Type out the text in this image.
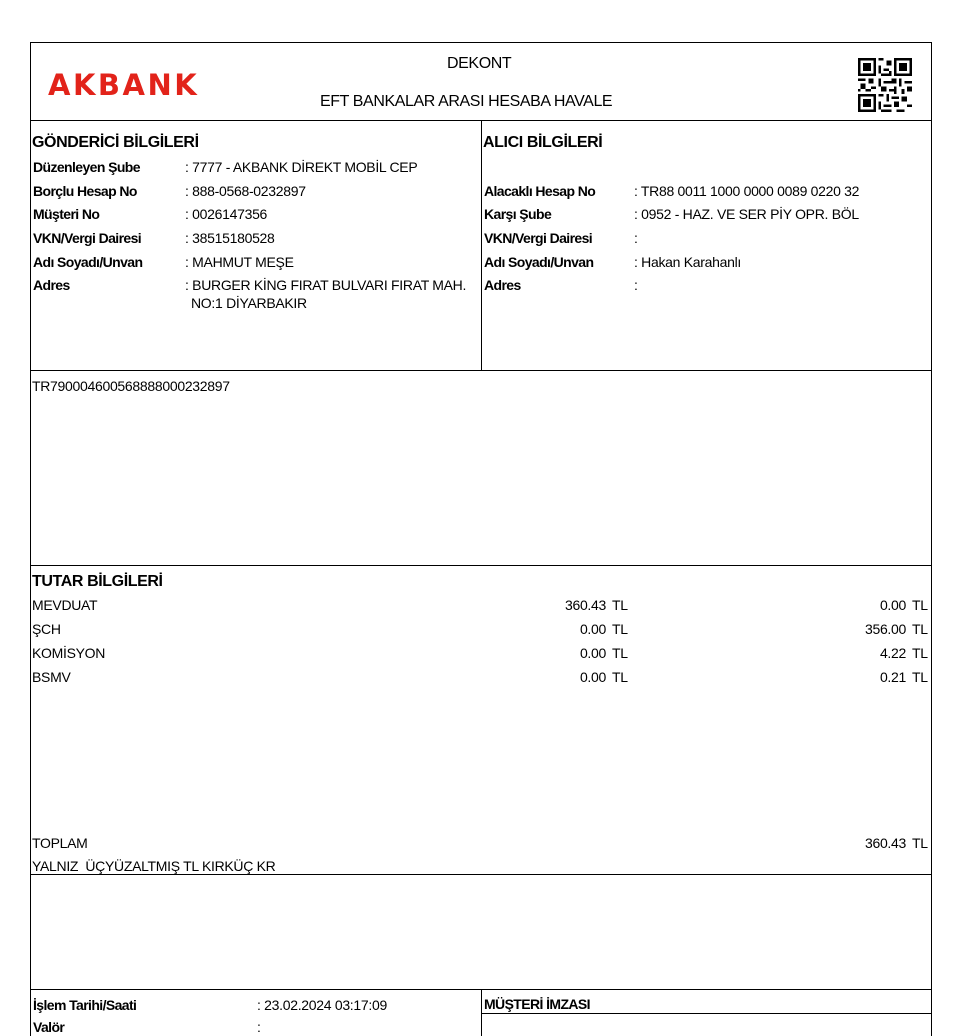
AKBANK
DEKONT
EFT BANKALAR ARASI HESABA HAVALE
GÖNDERİCİ BİLGİLERİ
Düzenleyen Şube	: 7777 - AKBANK DİREKT MOBİL CEP
Borçlu Hesap No	: 888-0568-0232897
Müşteri No	: 0026147356
VKN/Vergi Dairesi	: 38515180528
Adı Soyadı/Unvan	: MAHMUT MEŞE
Adres	: BURGER KİNG FIRAT BULVARI FIRAT MAH.
NO:1 DİYARBAKIR
ALICI BİLGİLERİ
Alacaklı Hesap No	: TR88 0011 1000 0000 0089 0220 32
Karşı Şube	: 0952 - HAZ. VE SER PİY OPR. BÖL
VKN/Vergi Dairesi	:
Adı Soyadı/Unvan	: Hakan Karahanlı
Adres	:
TR790004600568888000232897
TUTAR BİLGİLERİ
MEVDUAT	360.43 TL	0.00 TL
ŞCH	0.00 TL	356.00 TL
KOMİSYON	0.00 TL	4.22 TL
BSMV	0.00 TL	0.21 TL
TOPLAM	360.43 TL
YALNIZ  ÜÇYÜZALTMIŞ TL KIRKÜÇ KR
İşlem Tarihi/Saati	: 23.02.2024 03:17:09
Valör	:
MÜŞTERİ İMZASI
